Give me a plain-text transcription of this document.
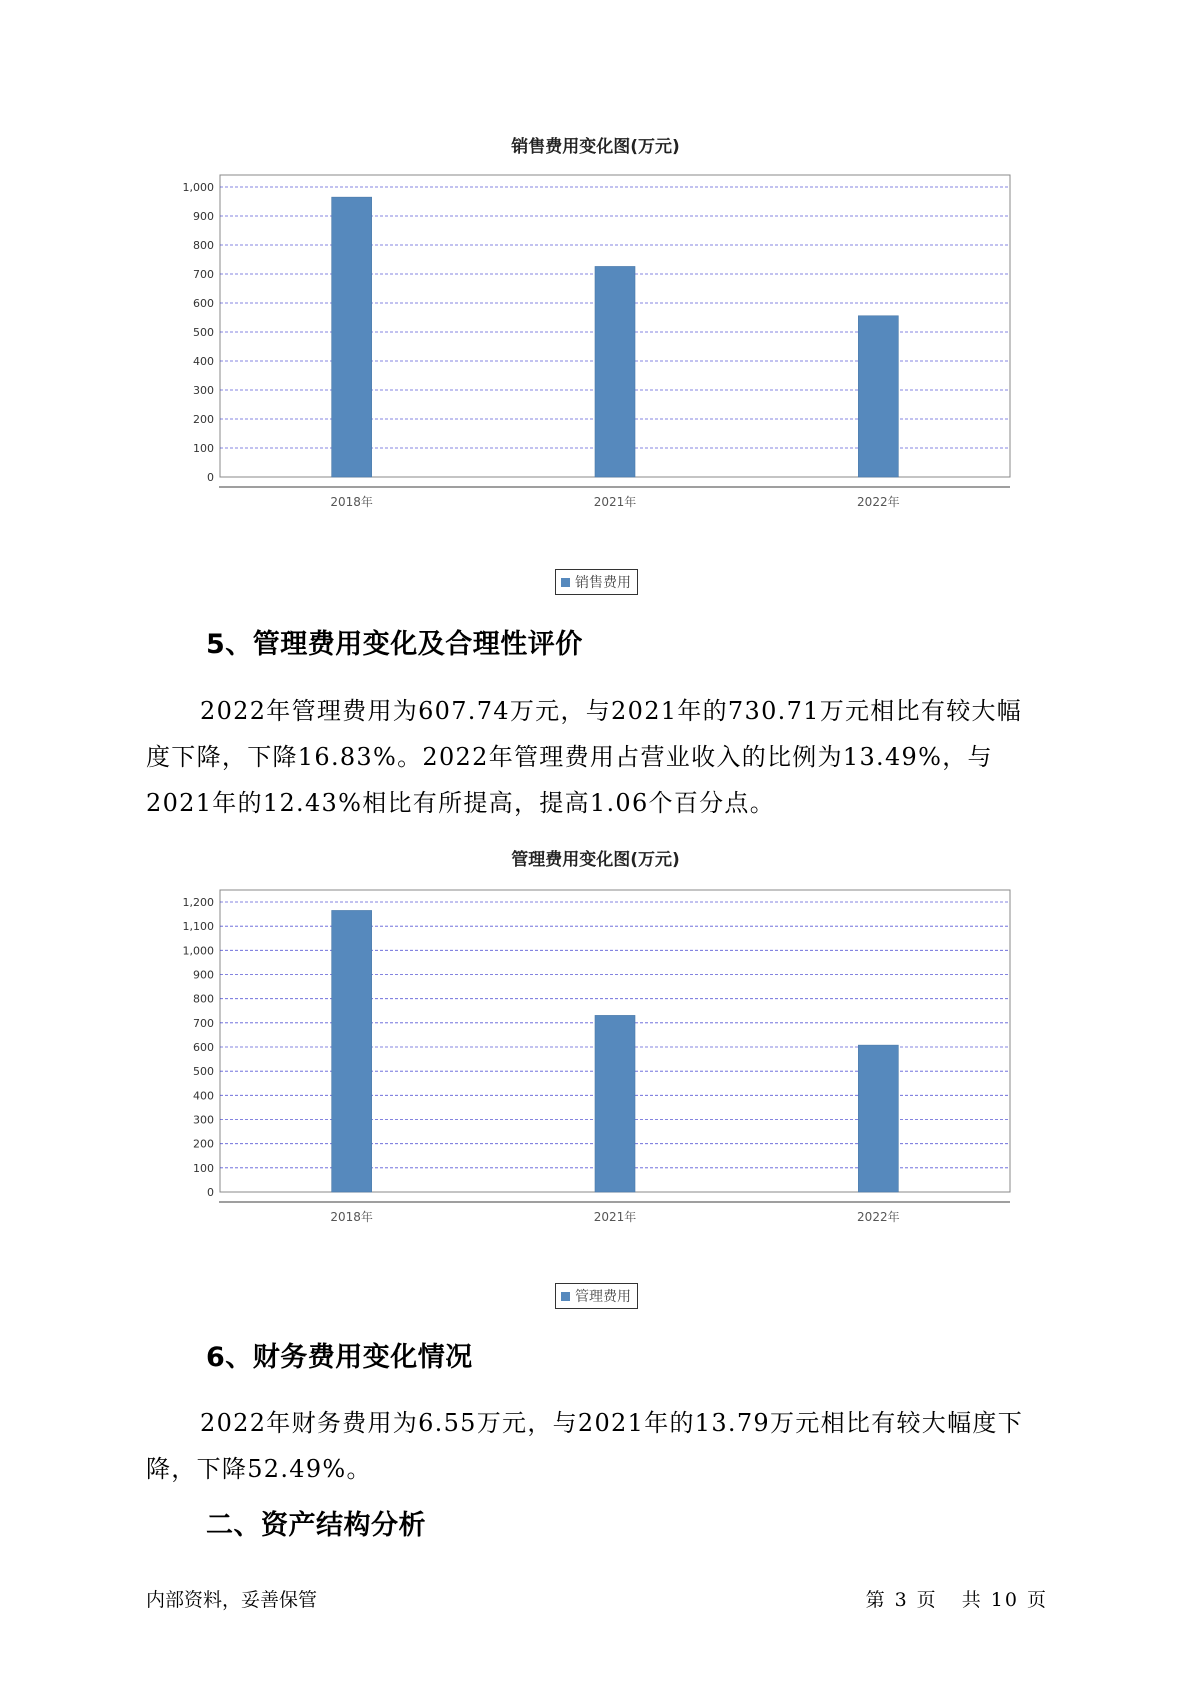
销售费用变化图(万元)
0
100
200
300
400
500
600
700
800
900
1,000
2018年	2021年	2022年
销售费用
5、管理费用变化及合理性评价

2022年管理费用为607.74万元，与2021年的730.71万元相比有较大幅度下降，下降16.83%。2022年管理费用占营业收入的比例为13.49%，与2021年的12.43%相比有所提高，提高1.06个百分点。

管理费用变化图(万元)
0
100
200
300
400
500
600
700
800
900
1,000
1,100
1,200
2018年	2021年	2022年
管理费用
6、财务费用变化情况

2022年财务费用为6.55万元，与2021年的13.79万元相比有较大幅度下降，下降52.49%。

二、资产结构分析
内部资料，妥善保管	第 3 页 共 10 页
